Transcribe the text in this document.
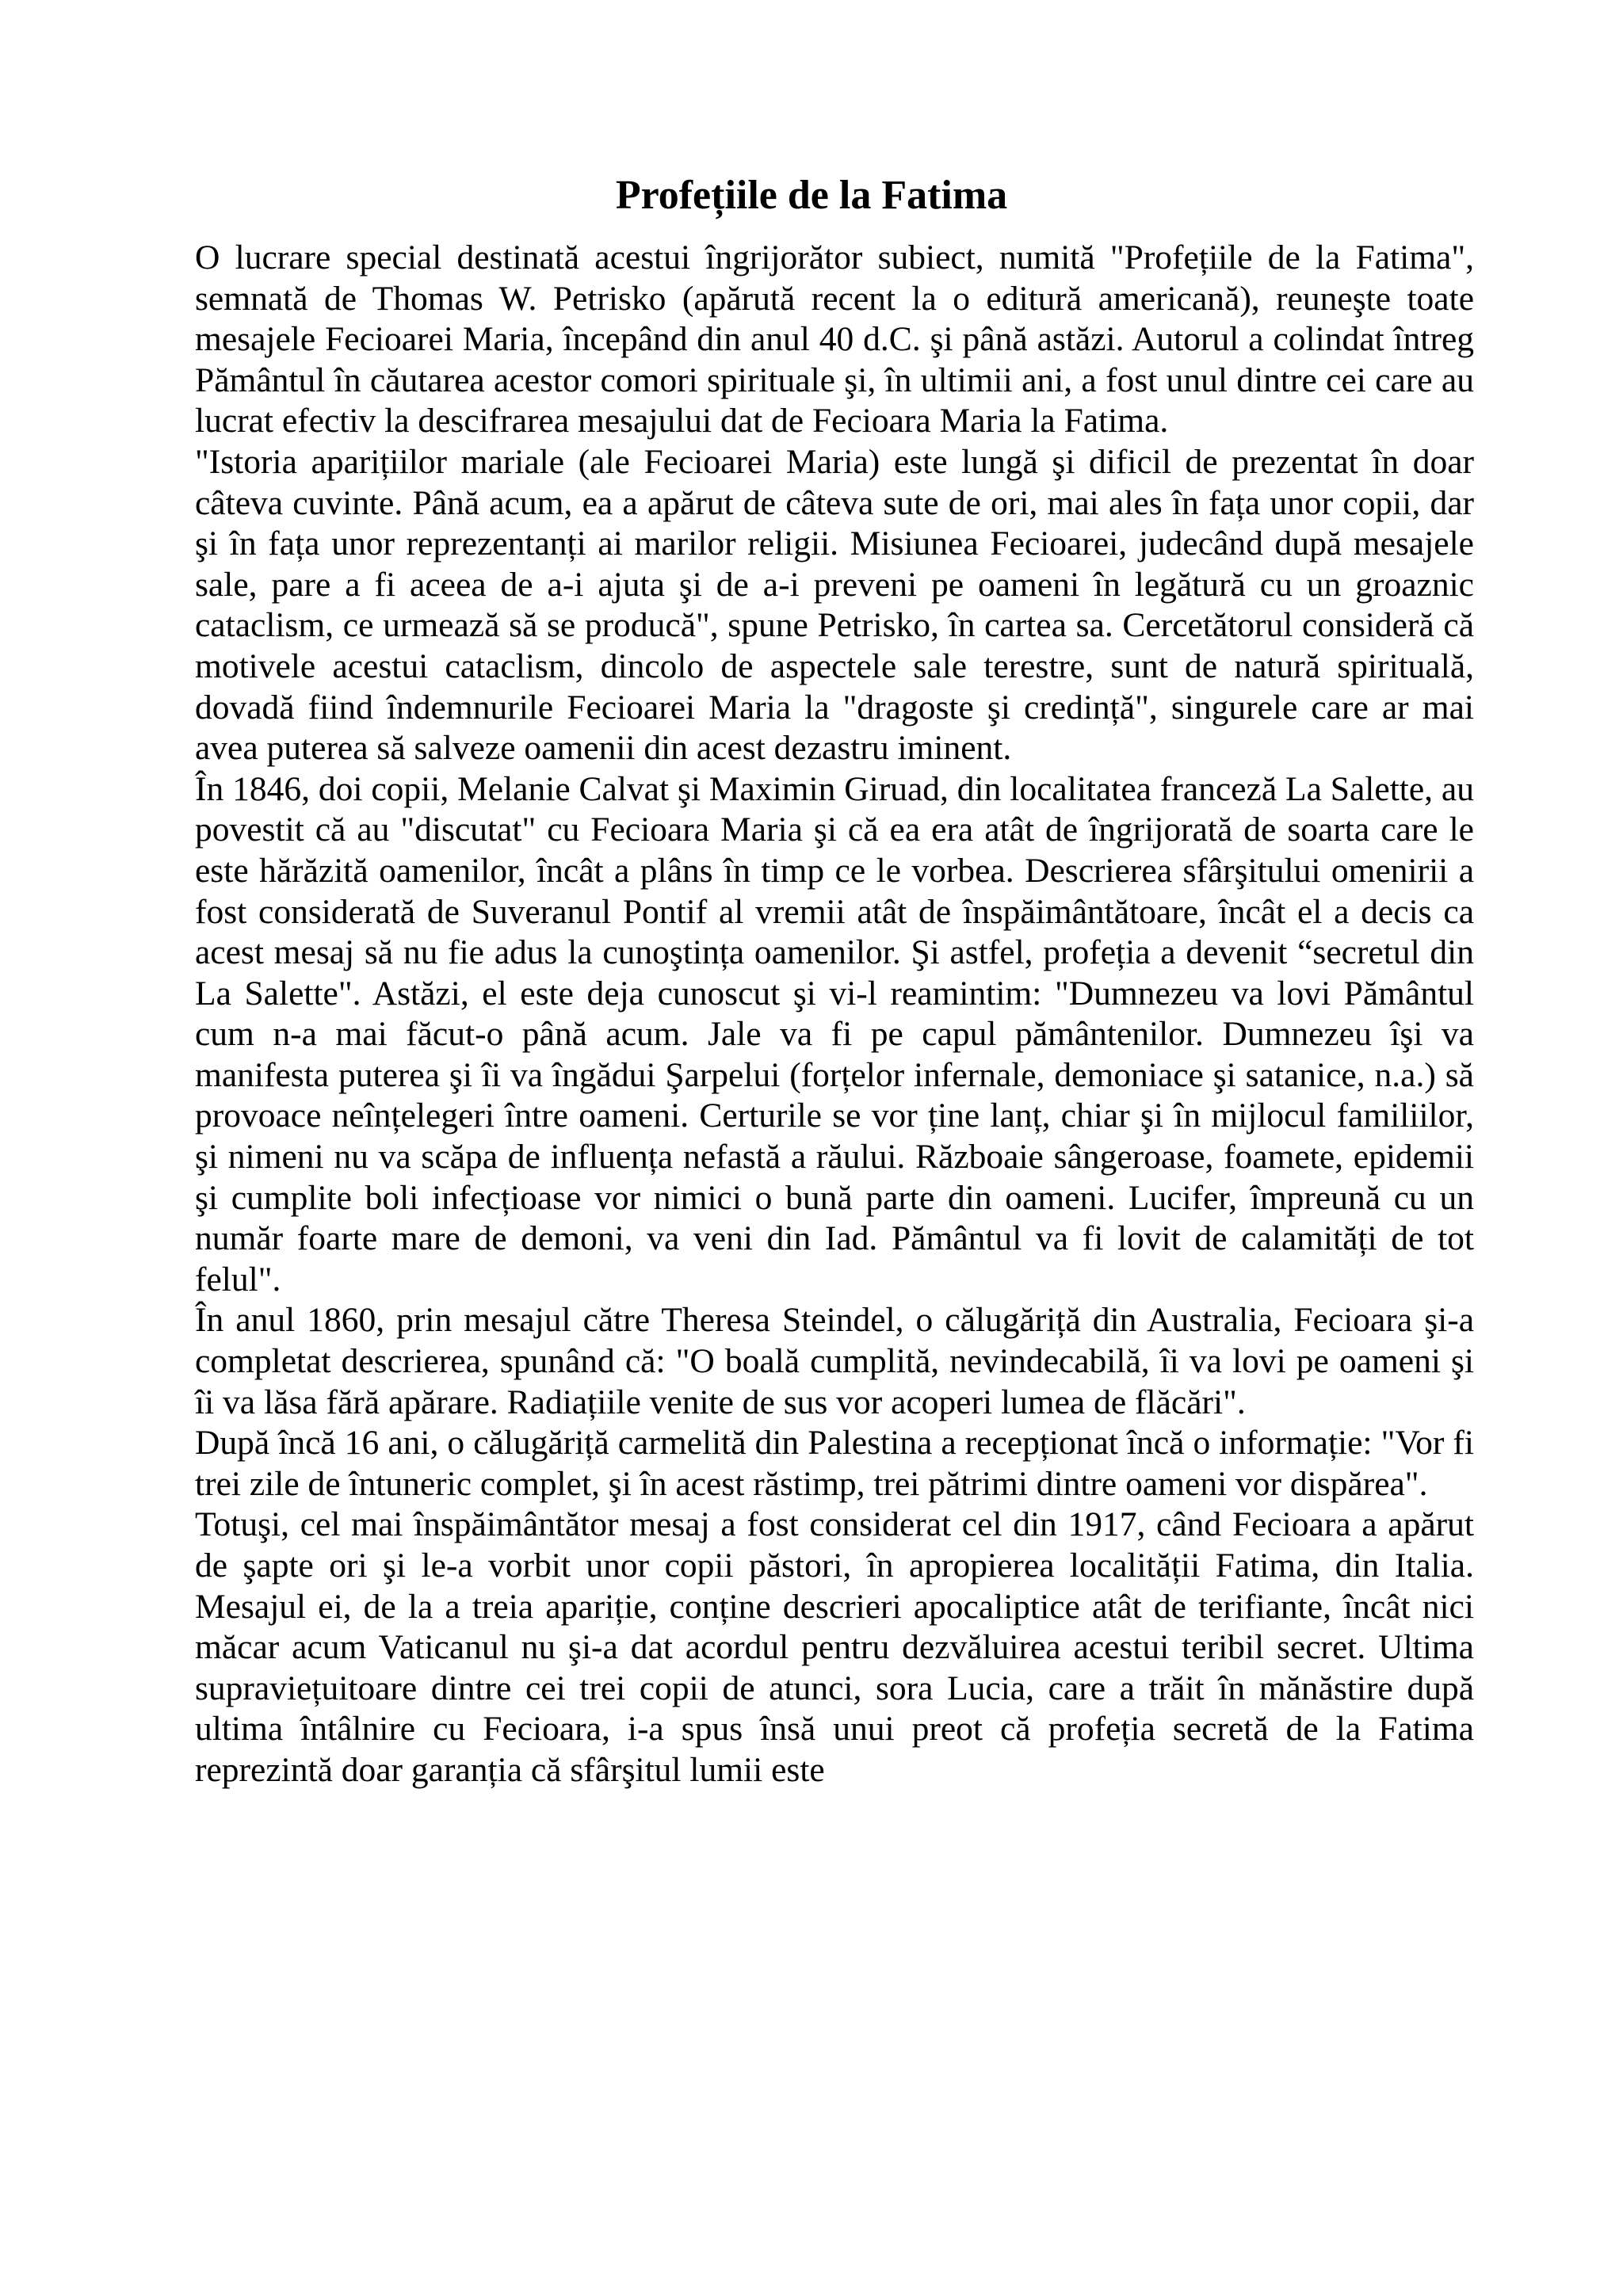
Profețiile de la Fatima

O lucrare special destinată acestui îngrijorător subiect, numită "Profețiile de la Fatima", semnată de Thomas W. Petrisko (apărută recent la o editură americană), reuneşte toate mesajele Fecioarei Maria, începând din anul 40 d.C. şi până astăzi. Autorul a colindat întreg Pământul în căutarea acestor comori spirituale şi, în ultimii ani, a fost unul dintre cei care au lucrat efectiv la descifrarea mesajului dat de Fecioara Maria la Fatima.

"Istoria aparițiilor mariale (ale Fecioarei Maria) este lungă şi dificil de prezentat în doar câteva cuvinte. Până acum, ea a apărut de câteva sute de ori, mai ales în fața unor copii, dar şi în fața unor reprezentanți ai marilor religii. Misiunea Fecioarei, judecând după mesajele sale, pare a fi aceea de a-i ajuta şi de a-i preveni pe oameni în legătură cu un groaznic cataclism, ce urmează să se producă", spune Petrisko, în cartea sa. Cercetătorul consideră că motivele acestui cataclism, dincolo de aspectele sale terestre, sunt de natură spirituală, dovadă fiind îndemnurile Fecioarei Maria la "dragoste şi credință", singurele care ar mai avea puterea să salveze oamenii din acest dezastru iminent.

În 1846, doi copii, Melanie Calvat şi Maximin Giruad, din localitatea franceză La Salette, au povestit că au "discutat" cu Fecioara Maria şi că ea era atât de îngrijorată de soarta care le este hărăzită oamenilor, încât a plâns în timp ce le vorbea. Descrierea sfârşitului omenirii a fost considerată de Suveranul Pontif al vremii atât de înspăimântătoare, încât el a decis ca acest mesaj să nu fie adus la cunoştința oamenilor. Şi astfel, profeția a devenit “secretul din La Salette". Astăzi, el este deja cunoscut şi vi-l reamintim: "Dumnezeu va lovi Pământul cum n-a mai făcut-o până acum. Jale va fi pe capul pământenilor. Dumnezeu îşi va manifesta puterea şi îi va îngădui Şarpelui (forțelor infernale, demoniace şi satanice, n.a.) să provoace neînțelegeri între oameni. Certurile se vor ține lanț, chiar şi în mijlocul familiilor, şi nimeni nu va scăpa de influența nefastă a răului. Războaie sângeroase, foamete, epidemii şi cumplite boli infecțioase vor nimici o bună parte din oameni. Lucifer, împreună cu un număr foarte mare de demoni, va veni din Iad. Pământul va fi lovit de calamități de tot felul".

În anul 1860, prin mesajul către Theresa Steindel, o călugăriță din Australia, Fecioara şi-a completat descrierea, spunând că: "O boală cumplită, nevindecabilă, îi va lovi pe oameni şi îi va lăsa fără apărare. Radiațiile venite de sus vor acoperi lumea de flăcări".

După încă 16 ani, o călugăriță carmelită din Palestina a recepționat încă o informație: "Vor fi trei zile de întuneric complet, şi în acest răstimp, trei pătrimi dintre oameni vor dispărea".

Totuşi, cel mai înspăimântător mesaj a fost considerat cel din 1917, când Fecioara a apărut de şapte ori şi le-a vorbit unor copii păstori, în apropierea localității Fatima, din Italia. Mesajul ei, de la a treia apariție, conține descrieri apocaliptice atât de terifiante, încât nici măcar acum Vaticanul nu şi-a dat acordul pentru dezvăluirea acestui teribil secret. Ultima supraviețuitoare dintre cei trei copii de atunci, sora Lucia, care a trăit în mănăstire după ultima întâlnire cu Fecioara, i-a spus însă unui preot că profeția secretă de la Fatima reprezintă doar garanția că sfârşitul lumii este
